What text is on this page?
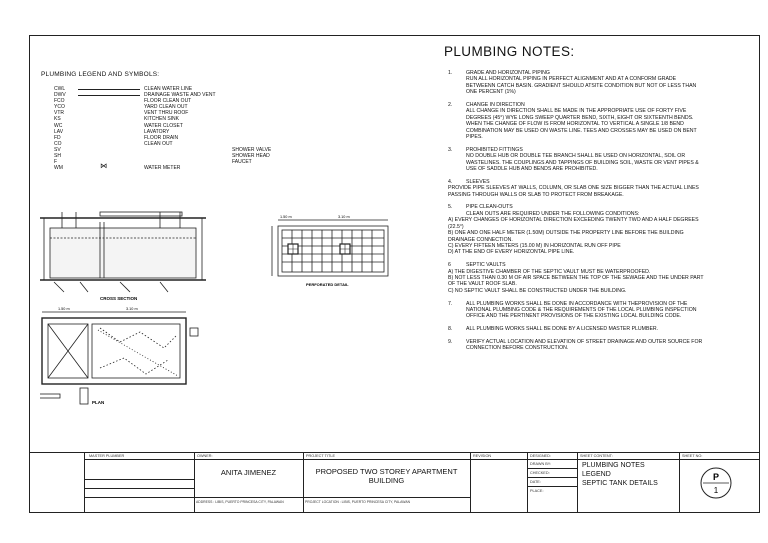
PLUMBING LEGEND AND SYMBOLS:
CWL	CLEAN WATER LINE
DWV	DRAINAGE WASTE AND VENT
FCO	FLOOR CLEAN OUT
YCO	YARD CLEAN OUT
VTR	VENT THRU ROOF
KS	KITCHEN SINK
WC	WATER CLOSET
LAV	LAVATORY
FD	FLOOR DRAIN
CO	CLEAN OUT
SV	SHOWER VALVE
SH	SHOWER HEAD
F	FAUCET
WM	⋈	WATER METER
PLUMBING NOTES:
1.	GRADE AND HORIZONTAL PIPING
RUN ALL HORIZONTAL PIPING IN PERFECT ALIGNMENT AND AT A CONFORM GRADE BETWEENN CATCH BASIN. GRADIENT SHOULD ATSITE CONDITION BUT NOT OF LESS THAN ONE PERCENT (1%)
2.	CHANGE IN DIRECTION
ALL CHANGE IN DIRECTION SHALL BE MADE IN THE APPROPRIATE USE OF FORTY FIVE DEGREES (45°) WYE LONG SWEEP QUARTER BEND, SIXTH, EIGHT OR SIXTEENTH BENDS. WHEN THE CHANGE OF FLOW IS FROM HORIZONTAL TO VERTICAL A SINGLE 1/8 BEND COMBINATION MAY BE USED ON WASTE LINE. TEES AND CROSSES MAY BE USED ON BENT PIPES.
3.	PROHIBITED FITTINGS
NO DOUBLE HUB OR DOUBLE TEE BRANCH SHALL BE USED ON HORIZONTAL, SOIL OR WASTELINES. THE COUPLINGS AND TAPPINGS OF BUILDING SOIL, WASTE OR VENT PIPES & USE OF SADDLE HUB AND BENDS ARE PROHIBITED.
4.	SLEEVES
PROVIDE PIPE SLEEVES AT WALLS, COLUMN, OR SLAB ONE SIZE BIGGER THAN THE ACTUAL LINES PASSING THROUGH WALLS OR SLAB TO PROTECT FROM BREAKAGE.
5.	PIPE CLEAN-OUTS
CLEAN OUTS ARE REQUIRED UNDER THE FOLLOWING CONDITIONS:
A) EVERY CHANGES OF HORIZONTAL DIRECTION EXCEEDING TWENTY TWO AND A HALF DEGREES (22.5°)
B) ONE AND ONE HALF METER (1.50M) OUTSIDE THE PROPERTY LINE BEFORE THE BUILDING DRAINAGE CONNECTION.
C) EVERY FIFTEEN METERS (15.00 M) IN HORIZONTAL RUN OFF PIPE
D) AT THE END OF EVERY HORIZONTAL PIPE LINE.
6	SEPTIC VAULTS
A) THE DIGESTIVE CHAMBER OF THE SEPTIC VAULT MUST BE WATERPROOFED.
B) NOT LESS THAN 0.30 M OF AIR SPACE BETWEEN THE TOP OF THE SEWAGE AND THE UNDER PART OF THE VAULT ROOF SLAB.
C) NO SEPTIC VAULT SHALL BE CONSTRUCTED UNDER THE BUILDING.
7.	ALL PLUMBING WORKS SHALL BE DONE IN ACCORDANCE WITH THEPROVISION OF THE NATIONAL PLUMBING CODE & THE REQUIREMENTS OF THE LOCAL PLUMBING INSPECTION OFFICE AND THE PERTINENT PROVISIONS OF THE EXISTING LOCAL BUILDING CODE.
8.	ALL PLUMBING WORKS SHALL BE DONE BY A LICENSED MASTER PLUMBER.
9.	VERIFY ACTUAL LOCATION AND ELEVATION OF STREET DRAINAGE AND OUTER SOURCE FOR CONNECTION BEFORE CONSTRUCTION.
CROSS SECTION
1.50 m	3.10 m
PERFORATED DETAIL
1.50 m	3.10 m
PLAN
MASTER PLUMBER	OWNER:
ANITA JIMENEZ
ADDRESS : LIBIS, PUERTO PRINCESA CITY, PALAWAN
PROJECT TITLE
PROPOSED TWO STOREY APARTMENT
BUILDING
PROJECT LOCATION : LIBIS, PUERTO PRINCESA CITY, PALAWAN
REVISION	DESIGNED:
DRAWN BY:
CHECKED:
DATE:
PLACE:
SHEET CONTENT:
PLUMBING NOTES
LEGEND
SEPTIC TANK DETAILS
SHEET NO:
P
1
